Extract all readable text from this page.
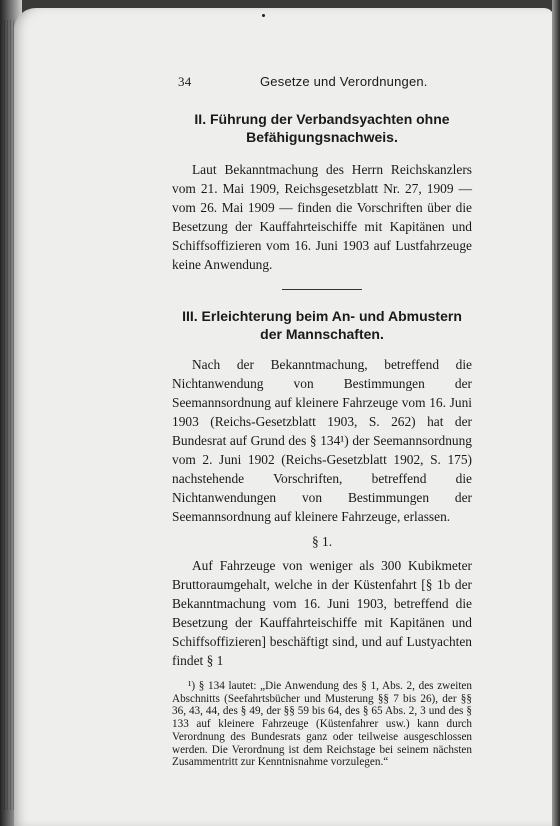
34	Gesetze und Verordnungen.

II. Führung der Verbandsyachten ohne

Befähigungsnachweis.

Laut Bekanntmachung des Herrn Reichskanzlers vom 21. Mai 1909, Reichsgesetzblatt Nr. 27, 1909 — vom 26. Mai 1909 — finden die Vorschriften über die Besetzung der Kauffahrteischiffe mit Kapitänen und Schiffsoffizieren vom 16. Juni 1903 auf Lustfahrzeuge keine Anwendung.

III. Erleichterung beim An- und Abmustern

der Mannschaften.

Nach der Bekanntmachung, betreffend die Nichtanwendung von Bestimmungen der Seemannsordnung auf kleinere Fahrzeuge vom 16. Juni 1903 (Reichs-Gesetzblatt 1903, S. 262) hat der Bundesrat auf Grund des § 134¹) der Seemannsordnung vom 2. Juni 1902 (Reichs-Gesetzblatt 1902, S. 175) nachstehende Vorschriften, betreffend die Nichtanwendungen von Bestimmungen der Seemannsordnung auf kleinere Fahrzeuge, erlassen.

§ 1.

Auf Fahrzeuge von weniger als 300 Kubikmeter Bruttoraumgehalt, welche in der Küstenfahrt [§ 1b der Bekanntmachung vom 16. Juni 1903, betreffend die Besetzung der Kauffahrteischiffe mit Kapitänen und Schiffsoffizieren] beschäftigt sind, und auf Lustyachten findet § 1

¹) § 134 lautet: „Die Anwendung des § 1, Abs. 2, des zweiten Abschnitts (Seefahrtsbücher und Musterung §§ 7 bis 26), der §§ 36, 43, 44, des § 49, der §§ 59 bis 64, des § 65 Abs. 2, 3 und des § 133 auf kleinere Fahrzeuge (Küstenfahrer usw.) kann durch Verordnung des Bundesrats ganz oder teilweise ausgeschlossen werden. Die Verordnung ist dem Reichstage bei seinem nächsten Zusammentritt zur Kenntnisnahme vorzulegen.“
